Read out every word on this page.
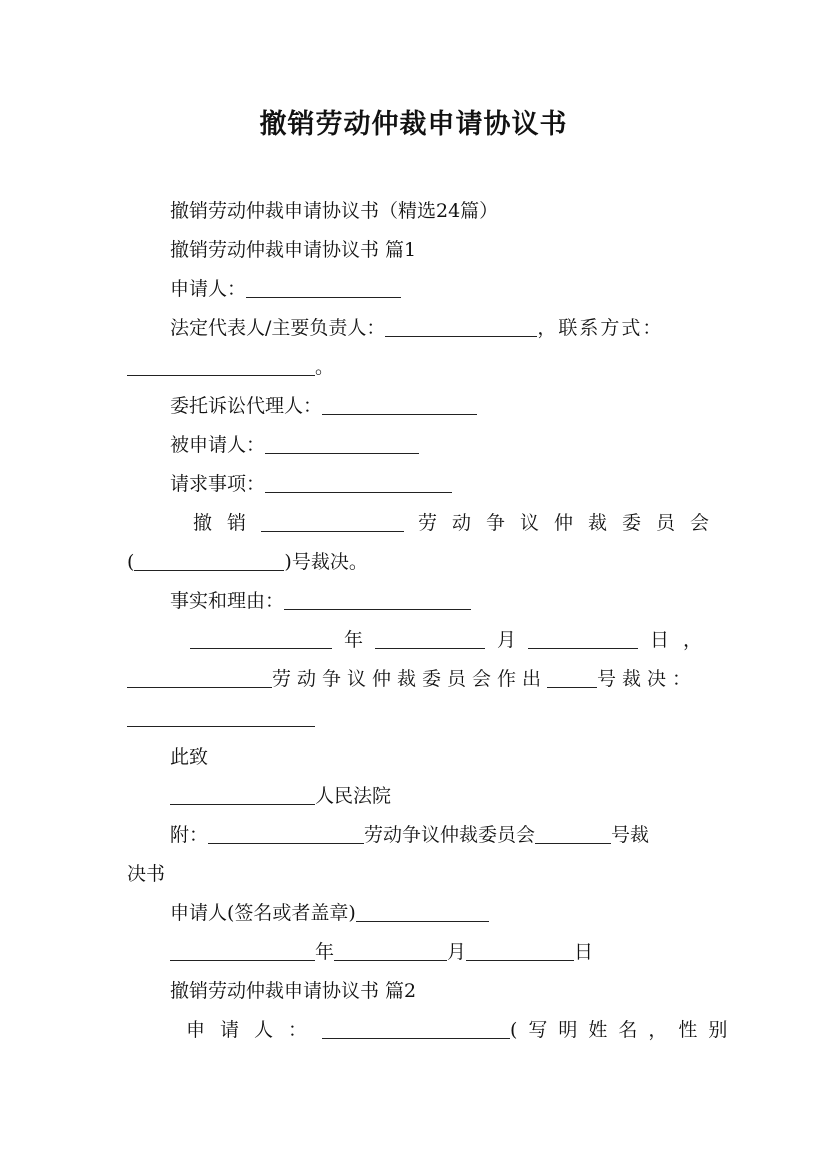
撤销劳动仲裁申请协议书
撤销劳动仲裁申请协议书（精选24篇）
撤销劳动仲裁申请协议书 篇1
申请人：
法定代表人/主要负责人：	，联系方式：
。
委托诉讼代理人：
被申请人：
请求事项：
撤销	劳动争议仲裁委员会
(	)号裁决。
事实和理由：
年	月	日，
劳动争议仲裁委员会作出	号裁决：
此致
人民法院
附：	劳动争议仲裁委员会	号裁
决书
申请人(签名或者盖章)
年	月	日
撤销劳动仲裁申请协议书 篇2
申请人：	(写明姓名，性别
